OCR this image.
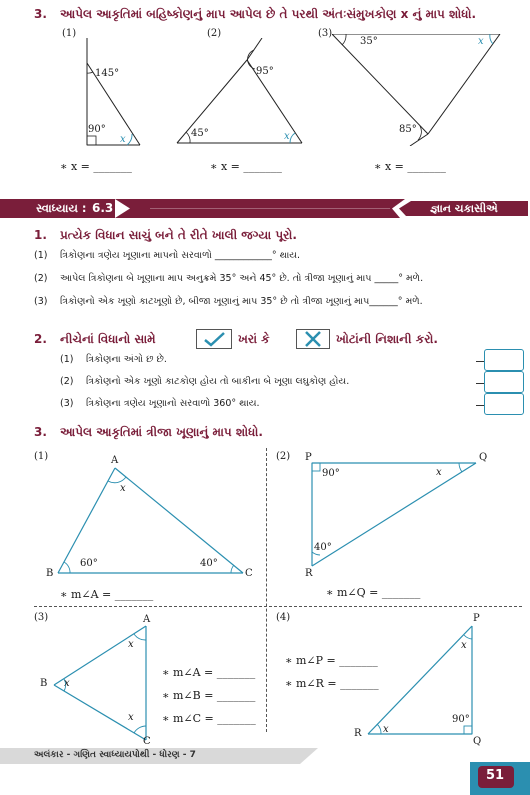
3. આપેલ આકૃતિમાં બહિષ્કોણનું માપ આપેલ છે તે પરથી અંતઃસંમુખકોણ x નું માપ શોધો.
(1)
145°
90°
x
∗ x = _______
(2)
95°
45°	x
∗ x = _______
(3)
35°
85°
x
∗ x = _______
સ્વાધ્યાય : 6.3	જ્ઞાન ચકાસીએ
1. પ્રત્યેક વિધાન સાચું બને તે રીતે ખાલી જગ્યા પૂરો.
(1) ત્રિકોણના ત્રણેય ખૂણાના માપનો સરવાળો ____________° થાય.
(2) આપેલ ત્રિકોણના બે ખૂણાના માપ અનુક્રમે 35° અને 45° છે. તો ત્રીજા ખૂણાનું માપ _____° મળે.
(3) ત્રિકોણનો એક ખૂણો કાટખૂણો છે, બીજા ખૂણાનું માપ 35° છે તો ત્રીજા ખૂણાનું માપ______° મળે.
2. નીચેનાં વિધાનો સામે	ખરાં કે	ખોટાંની નિશાની કરો.
(1) ત્રિકોણના અંગો છ છે.
(2) ત્રિકોણનો એક ખૂણો કાટકોણ હોય તો બાકીના બે ખૂણા લઘુકોણ હોય.
(3) ત્રિકોણના ત્રણેય ખૂણાનો સરવાળો 360° થાય.
3. આપેલ આકૃતિમાં ત્રીજા ખૂણાનું માપ શોધો.
(1)	A
B	C
x
60°	40°
∗ m∠A = _______
(2) P	Q
R
x
90°
40°
∗ m∠Q = _______
(3)	A
B
C
x
x
x
∗ m∠A = _______
∗ m∠B = _______
∗ m∠C = _______
(4)	P
Q
R
x
x
90°
∗ m∠P = _______
∗ m∠R = _______
અલંકાર - ગણિત સ્વાધ્યાયપોથી - ધોરણ - 7
51
